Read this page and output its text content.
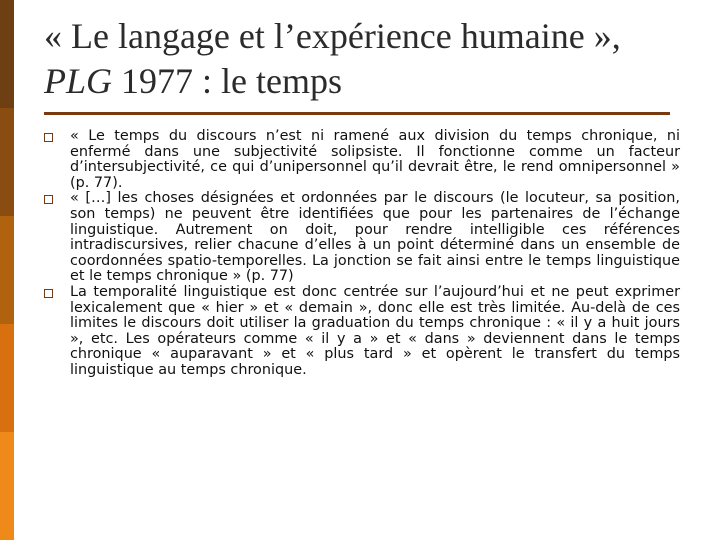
« Le langage et l’expérience humaine », PLG 1977 : le temps
« Le temps du discours n’est ni ramené aux division du temps chronique, ni enfermé dans une subjectivité solipsiste. Il fonctionne comme un facteur d’intersubjectivité, ce qui d’unipersonnel qu’il devrait être, le rend omnipersonnel » (p. 77).
« […] les choses désignées et ordonnées par le discours (le locuteur, sa position, son temps) ne peuvent être identifiées que pour les partenaires de l’échange linguistique. Autrement on doit, pour rendre intelligible ces références intradiscursives, relier chacune d’elles à un point déterminé dans un ensemble de coordonnées spatio-temporelles. La jonction se fait ainsi entre le temps linguistique et le temps chronique » (p. 77)
La temporalité linguistique est donc centrée sur l’aujourd’hui et ne peut exprimer lexicalement que « hier » et « demain », donc elle est très limitée. Au-delà de ces limites le discours doit utiliser la graduation du temps chronique : « il y a huit jours », etc. Les opérateurs comme « il y a » et « dans » deviennent dans le temps chronique « auparavant » et « plus tard » et opèrent le transfert du temps linguistique au temps chronique.
